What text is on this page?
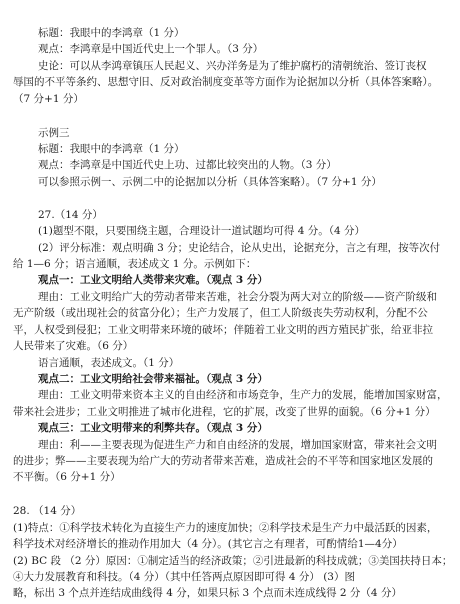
标题：我眼中的李鸿章（1 分）
观点：李鸿章是中国近代史上一个罪人。（3 分）
史论：可以从李鸿章镇压人民起义、兴办洋务是为了维护腐朽的清朝统治、签订丧权
辱国的不平等条约、思想守旧、反对政治制度变革等方面作为论据加以分析（具体答案略）。
（7 分+1 分）
示例三
标题：我眼中的李鸿章（1 分）
观点：李鸿章是中国近代史上功、过都比较突出的人物。（3 分）
可以参照示例一、示例二中的论据加以分析（具体答案略）。（7 分+1 分）
27.（14 分）
(1)题型不限，只要围绕主题，合理设计一道试题均可得 4 分。（4 分）
(2）评分标准：观点明确 3 分；史论结合，论从史出，论据充分，言之有理，按等次付
给 1—6 分；语言通顺，表述成文 1 分。示例如下：
观点一：工业文明给人类带来灾难。（观点 3 分）
理由：工业文明给广大的劳动者带来苦难，社会分裂为两大对立的阶级——资产阶级和
无产阶级（或出现社会的贫富分化）；生产力发展了，但工人阶级丧失劳动权利，分配不公
平，人权受到侵犯；工业文明带来环境的破坏；伴随着工业文明的西方殖民扩张，给亚非拉
人民带来了灾难。（6 分）
语言通顺，表述成文。（1 分）
观点二：工业文明给社会带来福祉。（观点 3 分）
理由：工业文明带来资本主义的自由经济和市场竞争，生产力的发展，能增加国家财富，
带来社会进步；工业文明推进了城市化进程，它的扩展，改变了世界的面貌。（6 分+1 分）
观点三：工业文明带来的利弊共存。（观点 3 分）
理由：利——主要表现为促进生产力和自由经济的发展，增加国家财富，带来社会文明
的进步；弊——主要表现为给广大的劳动者带来苦难，造成社会的不平等和国家地区发展的
不平衡。（6 分+1 分）
28. （14 分）
(1)特点：①科学技术转化为直接生产力的速度加快；②科学技术是生产力中最活跃的因素，
科学技术对经济增长的推动作用加大（4 分）。(其它言之有理者，可酌情给1—4分）
(2) BC 段 （2 分）原因：①制定适当的经济政策；②引进最新的科技成就；③美国扶持日本；
④大力发展教育和科技。（4 分）（其中任答两点原因即可得 4 分） (3）图
略，标出 3 个点并连结成曲线得 4 分，如果只标 3 个点而未连成线得 2 分（4 分）
